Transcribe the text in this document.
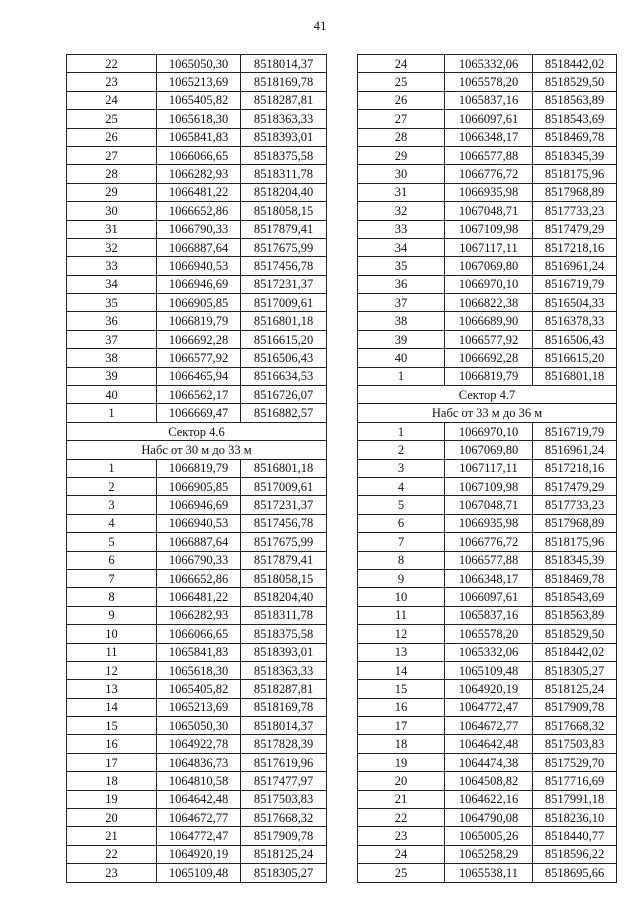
41
22	1065050,30	8518014,37
23	1065213,69	8518169,78
24	1065405,82	8518287,81
25	1065618,30	8518363,33
26	1065841,83	8518393,01
27	1066066,65	8518375,58
28	1066282,93	8518311,78
29	1066481,22	8518204,40
30	1066652,86	8518058,15
31	1066790,33	8517879,41
32	1066887,64	8517675,99
33	1066940,53	8517456,78
34	1066946,69	8517231,37
35	1066905,85	8517009,61
36	1066819,79	8516801,18
37	1066692,28	8516615,20
38	1066577,92	8516506,43
39	1066465,94	8516634,53
40	1066562,17	8516726,07
1	1066669,47	8516882,57
Сектор 4.6		
Набс от 30 м до 33 м		
1	1066819,79	8516801,18
2	1066905,85	8517009,61
3	1066946,69	8517231,37
4	1066940,53	8517456,78
5	1066887,64	8517675,99
6	1066790,33	8517879,41
7	1066652,86	8518058,15
8	1066481,22	8518204,40
9	1066282,93	8518311,78
10	1066066,65	8518375,58
11	1065841,83	8518393,01
12	1065618,30	8518363,33
13	1065405,82	8518287,81
14	1065213,69	8518169,78
15	1065050,30	8518014,37
16	1064922,78	8517828,39
17	1064836,73	8517619,96
18	1064810,58	8517477,97
19	1064642,48	8517503,83
20	1064672,77	8517668,32
21	1064772,47	8517909,78
22	1064920,19	8518125,24
23	1065109,48	8518305,27
24	1065332,06	8518442,02
25	1065578,20	8518529,50
26	1065837,16	8518563,89
27	1066097,61	8518543,69
28	1066348,17	8518469,78
29	1066577,88	8518345,39
30	1066776,72	8518175,96
31	1066935,98	8517968,89
32	1067048,71	8517733,23
33	1067109,98	8517479,29
34	1067117,11	8517218,16
35	1067069,80	8516961,24
36	1066970,10	8516719,79
37	1066822,38	8516504,33
38	1066689,90	8516378,33
39	1066577,92	8516506,43
40	1066692,28	8516615,20
1	1066819,79	8516801,18
Сектор 4.7		
Набс от 33 м до 36 м		
1	1066970,10	8516719,79
2	1067069,80	8516961,24
3	1067117,11	8517218,16
4	1067109,98	8517479,29
5	1067048,71	8517733,23
6	1066935,98	8517968,89
7	1066776,72	8518175,96
8	1066577,88	8518345,39
9	1066348,17	8518469,78
10	1066097,61	8518543,69
11	1065837,16	8518563,89
12	1065578,20	8518529,50
13	1065332,06	8518442,02
14	1065109,48	8518305,27
15	1064920,19	8518125,24
16	1064772,47	8517909,78
17	1064672,77	8517668,32
18	1064642,48	8517503,83
19	1064474,38	8517529,70
20	1064508,82	8517716,69
21	1064622,16	8517991,18
22	1064790,08	8518236,10
23	1065005,26	8518440,77
24	1065258,29	8518596,22
25	1065538,11	8518695,66
